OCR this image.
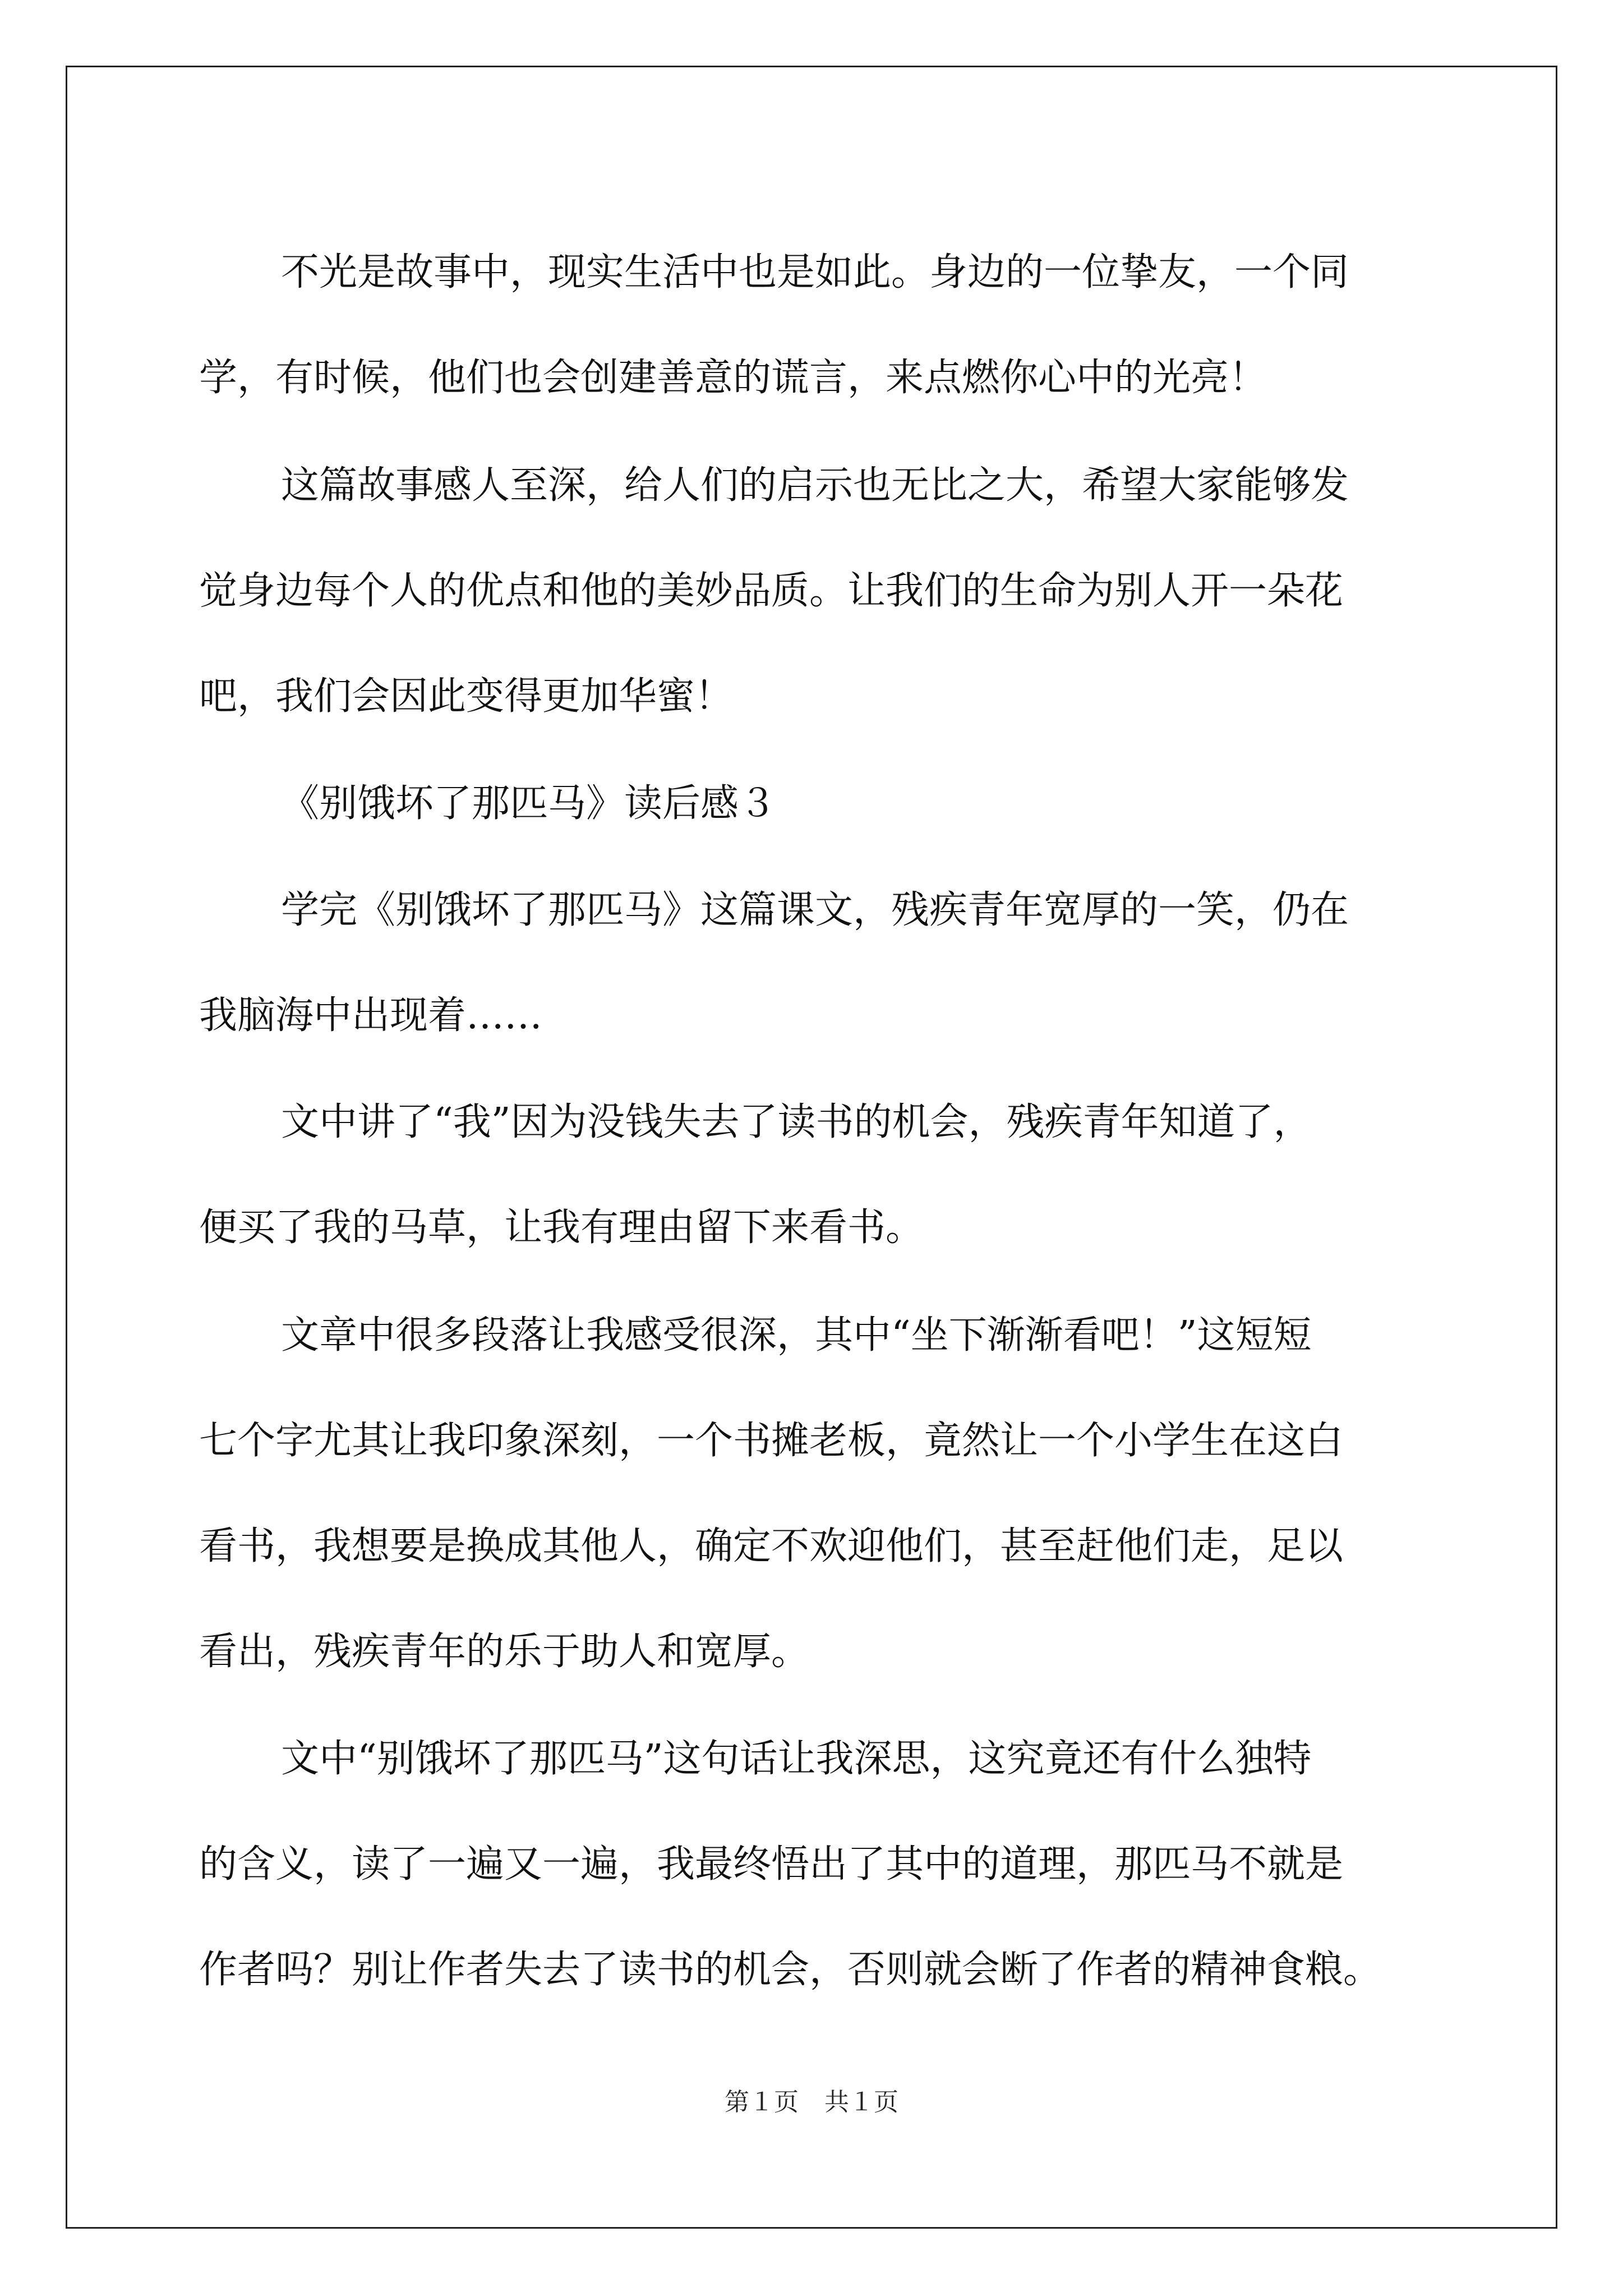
不光是故事中，现实生活中也是如此。身边的一位挚友，一个同
学，有时候，他们也会创建善意的谎言，来点燃你心中的光亮！

这篇故事感人至深，给人们的启示也无比之大，希望大家能够发
觉身边每个人的优点和他的美妙品质。让我们的生命为别人开一朵花
吧，我们会因此变得更加华蜜！

《别饿坏了那匹马》读后感３

学完《别饿坏了那匹马》这篇课文，残疾青年宽厚的一笑，仍在
我脑海中出现着……

文中讲了“我”因为没钱失去了读书的机会，残疾青年知道了，
便买了我的马草，让我有理由留下来看书。

文章中很多段落让我感受很深，其中“坐下渐渐看吧！”这短短
七个字尤其让我印象深刻，一个书摊老板，竟然让一个小学生在这白
看书，我想要是换成其他人，确定不欢迎他们，甚至赶他们走，足以
看出，残疾青年的乐于助人和宽厚。

文中“别饿坏了那匹马”这句话让我深思，这究竟还有什么独特
的含义，读了一遍又一遍，我最终悟出了其中的道理，那匹马不就是
作者吗？别让作者失去了读书的机会，否则就会断了作者的精神食粮。

第１页 共１页
